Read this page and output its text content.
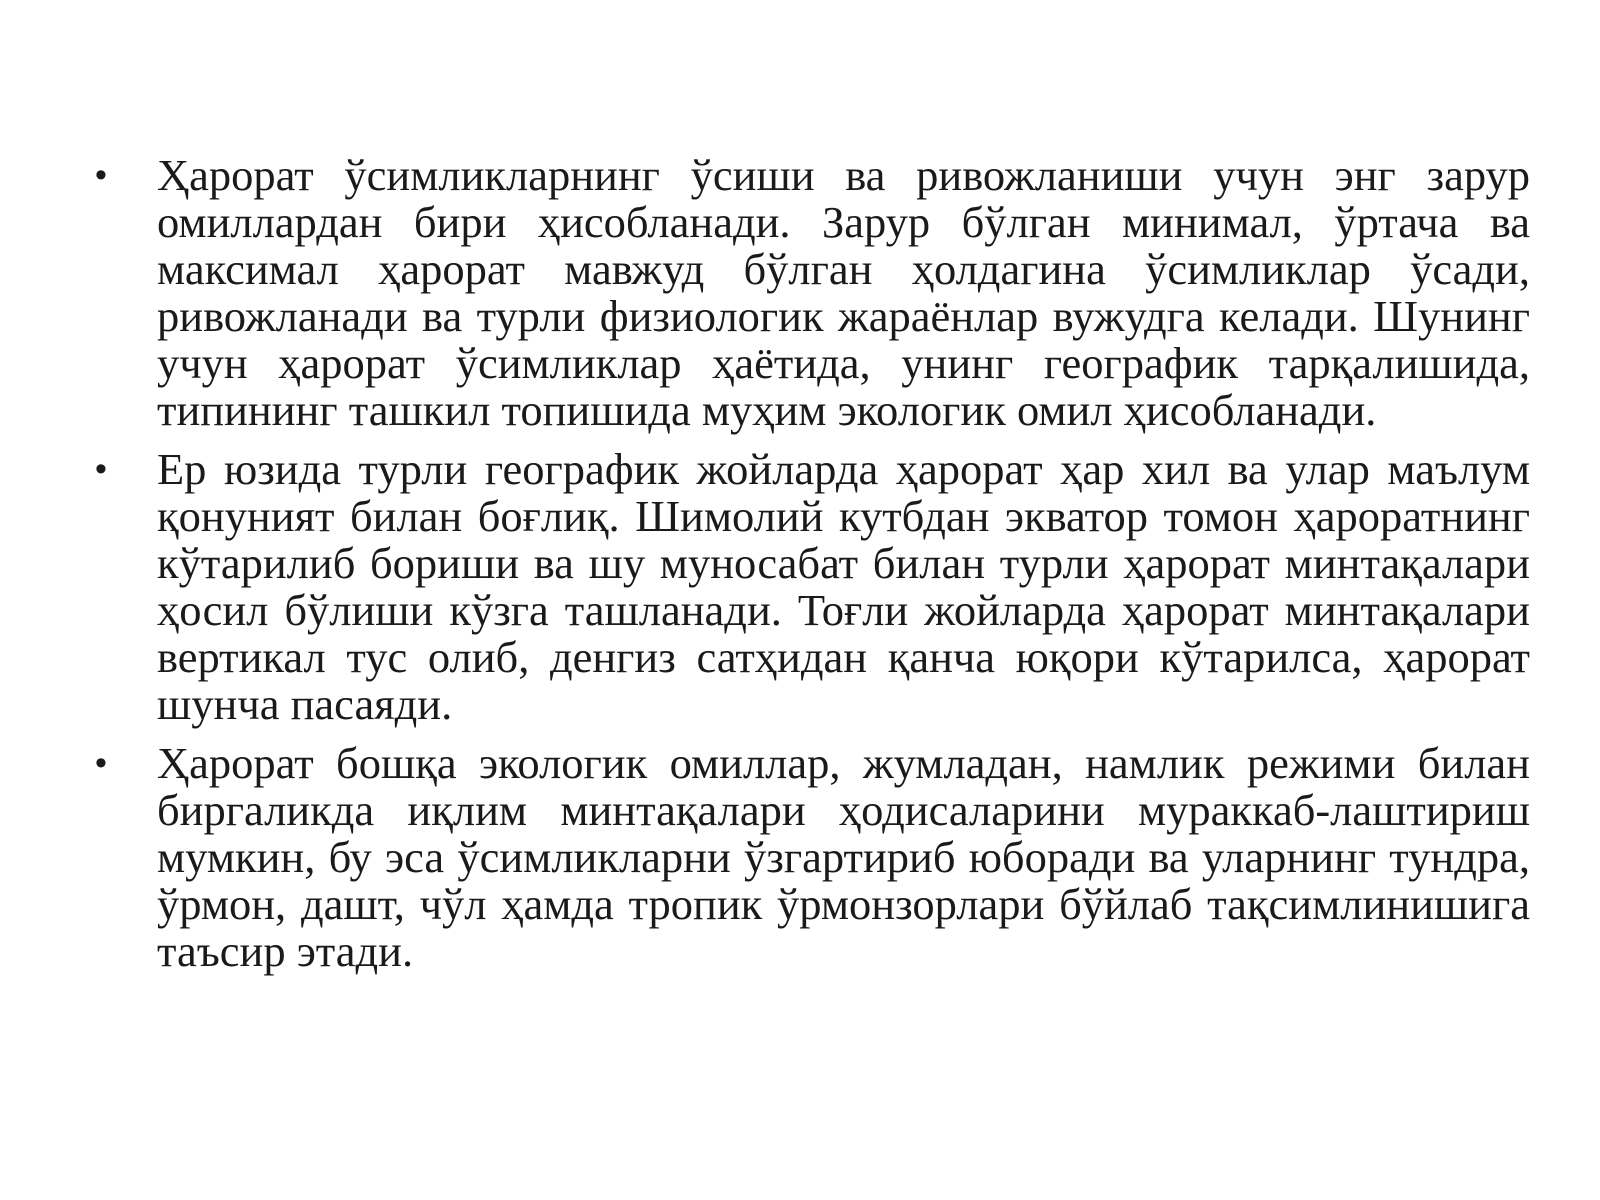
•	Ҳарорат ўсимликларнинг ўсиши ва ривожланиши учун энг зарур омиллардан бири ҳисобланади. Зарур бўлган минимал, ўртача ва максимал ҳарорат мавжуд бўлган ҳолдагина ўсимликлар ўсади, ривожланади ва турли физиологик жараёнлар вужудга келади. Шунинг учун ҳарорат ўсимликлар ҳаётида, унинг географик тарқалишида, типининг ташкил топишида муҳим экологик омил ҳисобланади.
•	Ер юзида турли географик жойларда ҳарорат ҳар хил ва улар маълум қонуният билан боғлиқ. Шимолий кутбдан экватор томон ҳароратнинг кўтарилиб бориши ва шу муносабат билан турли ҳарорат минтақалари ҳосил бўлиши кўзга ташланади. Тоғли жойларда ҳарорат минтақалари вертикал тус олиб, денгиз сатҳидан қанча юқори кўтарилса, ҳарорат шунча пасаяди.
•	Ҳарорат бошқа экологик омиллар, жумладан, намлик режими билан биргаликда иқлим минтақалари ҳодисаларини мураккаб-лаштириш мумкин, бу эса ўсимликларни ўзгартириб юборади ва уларнинг тундра, ўрмон, дашт, чўл ҳамда тропик ўрмонзорлари бўйлаб тақсимлинишига таъсир этади.
